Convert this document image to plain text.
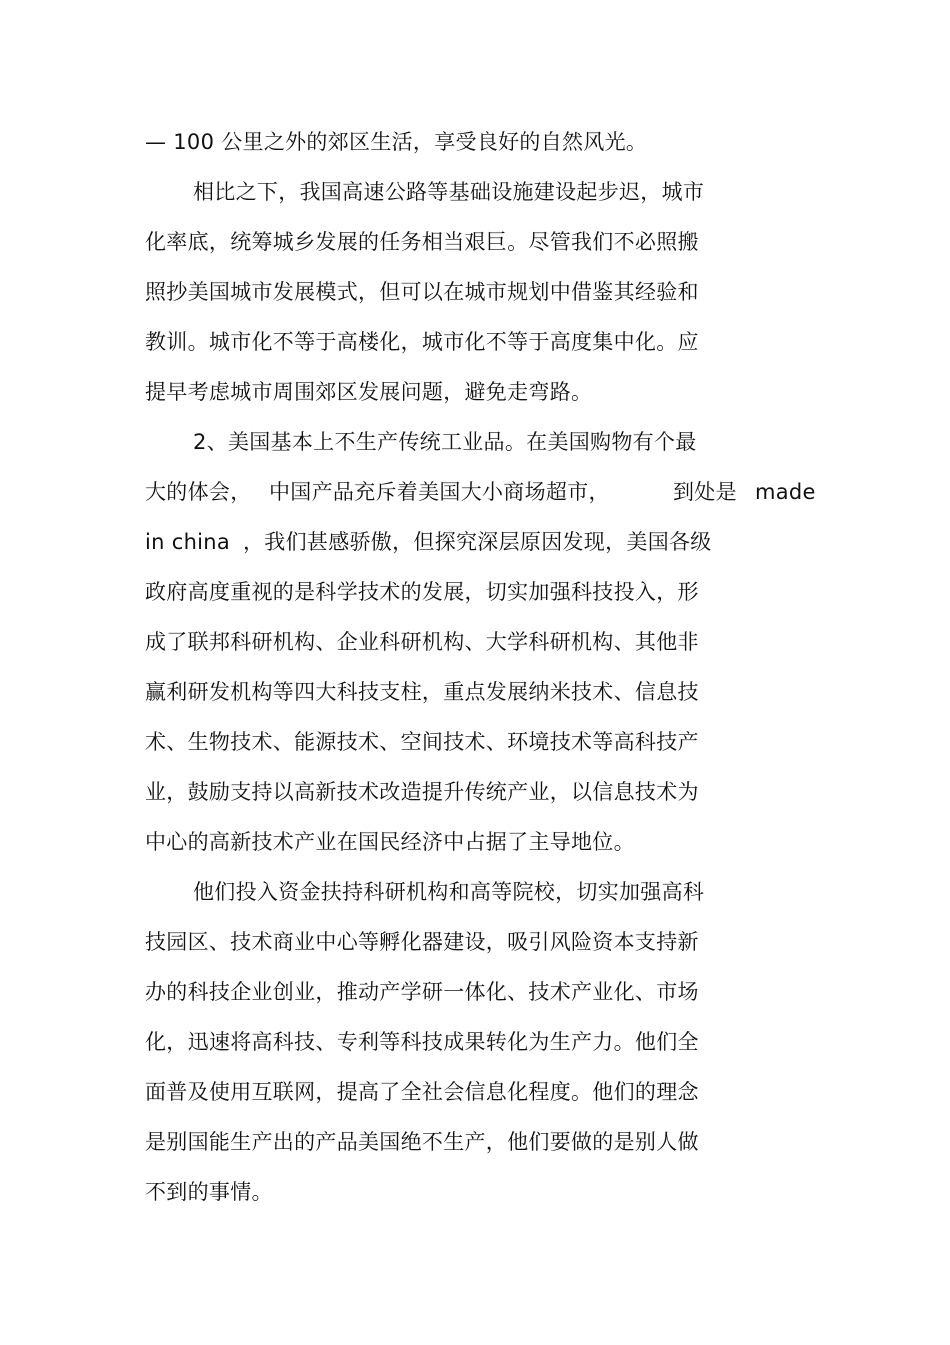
— 100 公里之外的郊区生活，享受良好的自然风光。
相比之下，我国高速公路等基础设施建设起步迟，城市
化率底，统筹城乡发展的任务相当艰巨。尽管我们不必照搬
照抄美国城市发展模式，但可以在城市规划中借鉴其经验和
教训。城市化不等于高楼化，城市化不等于高度集中化。应
提早考虑城市周围郊区发展问题，避免走弯路。
2、美国基本上不生产传统工业品。在美国购物有个最
大的体会， 中国产品充斥着美国大小商场超市，	到处是 made
in china ，我们甚感骄傲，但探究深层原因发现，美国各级
政府高度重视的是科学技术的发展，切实加强科技投入，形
成了联邦科研机构、企业科研机构、大学科研机构、其他非
赢利研发机构等四大科技支柱，重点发展纳米技术、信息技
术、生物技术、能源技术、空间技术、环境技术等高科技产
业，鼓励支持以高新技术改造提升传统产业，以信息技术为
中心的高新技术产业在国民经济中占据了主导地位。
他们投入资金扶持科研机构和高等院校，切实加强高科
技园区、技术商业中心等孵化器建设，吸引风险资本支持新
办的科技企业创业，推动产学研一体化、技术产业化、市场
化，迅速将高科技、专利等科技成果转化为生产力。他们全
面普及使用互联网，提高了全社会信息化程度。他们的理念
是别国能生产出的产品美国绝不生产，他们要做的是别人做
不到的事情。
